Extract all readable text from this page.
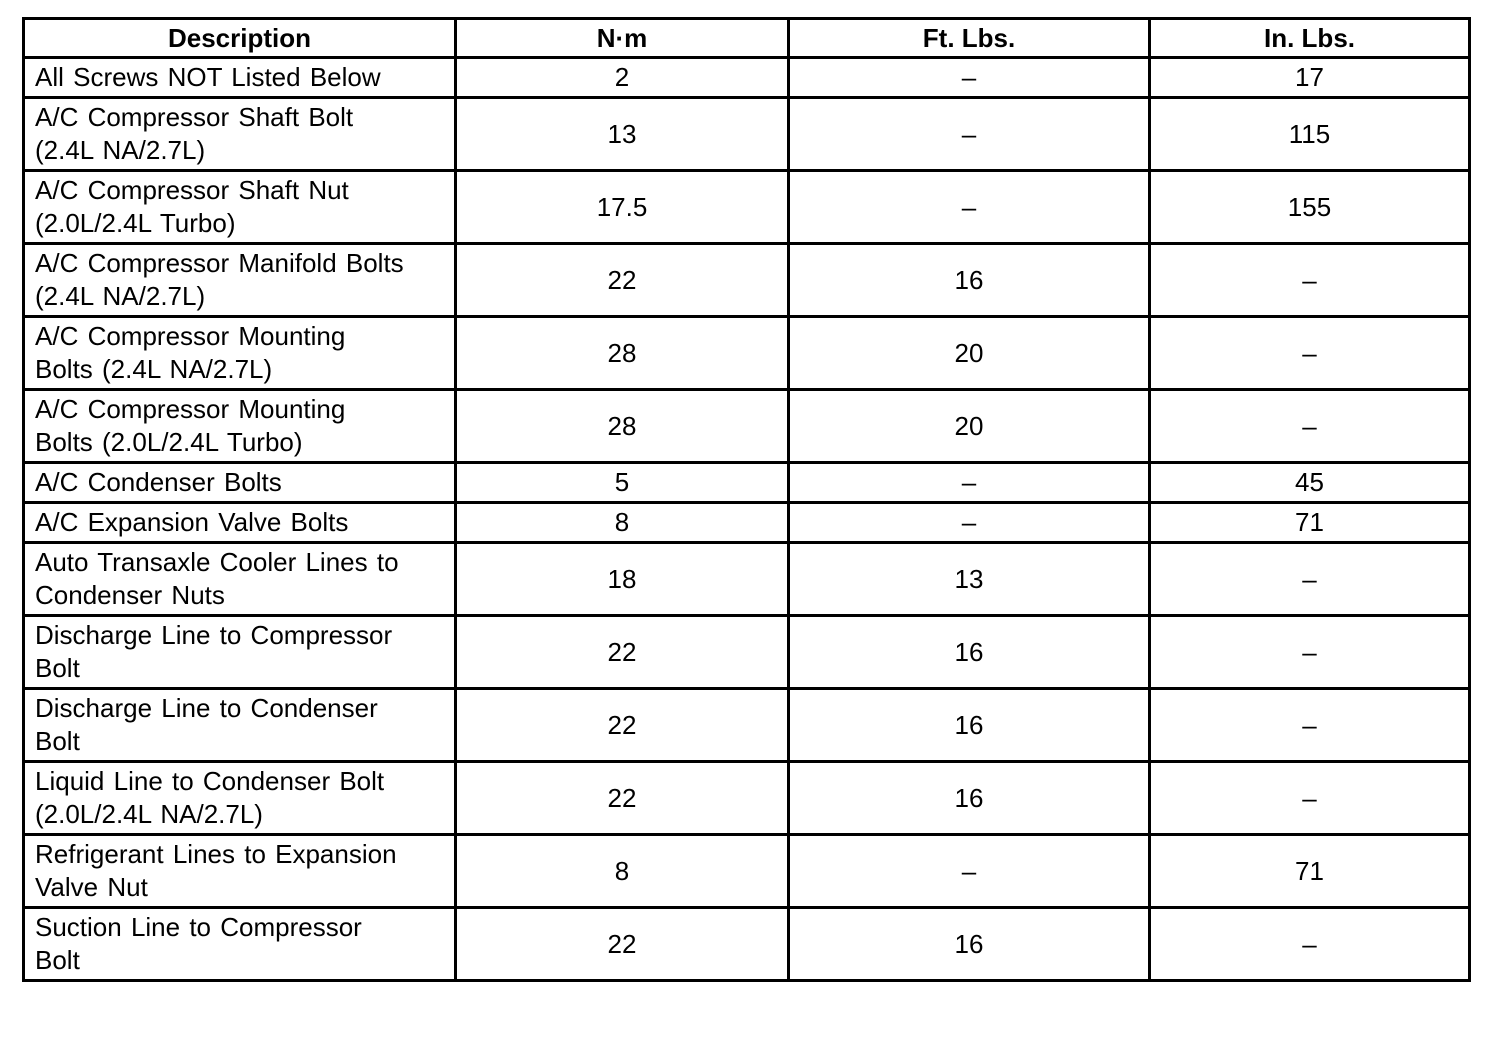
Description	N·m	Ft. Lbs.	In. Lbs.
All Screws NOT Listed Below	2	–	17
A/C Compressor Shaft Bolt
(2.4L NA/2.7L)	13	–	115
A/C Compressor Shaft Nut
(2.0L/2.4L Turbo)	17.5	–	155
A/C Compressor Manifold Bolts
(2.4L NA/2.7L)	22	16	–
A/C Compressor Mounting
Bolts (2.4L NA/2.7L)	28	20	–
A/C Compressor Mounting
Bolts (2.0L/2.4L Turbo)	28	20	–
A/C Condenser Bolts	5	–	45
A/C Expansion Valve Bolts	8	–	71
Auto Transaxle Cooler Lines to
Condenser Nuts	18	13	–
Discharge Line to Compressor
Bolt	22	16	–
Discharge Line to Condenser
Bolt	22	16	–
Liquid Line to Condenser Bolt
(2.0L/2.4L NA/2.7L)	22	16	–
Refrigerant Lines to Expansion
Valve Nut	8	–	71
Suction Line to Compressor
Bolt	22	16	–
